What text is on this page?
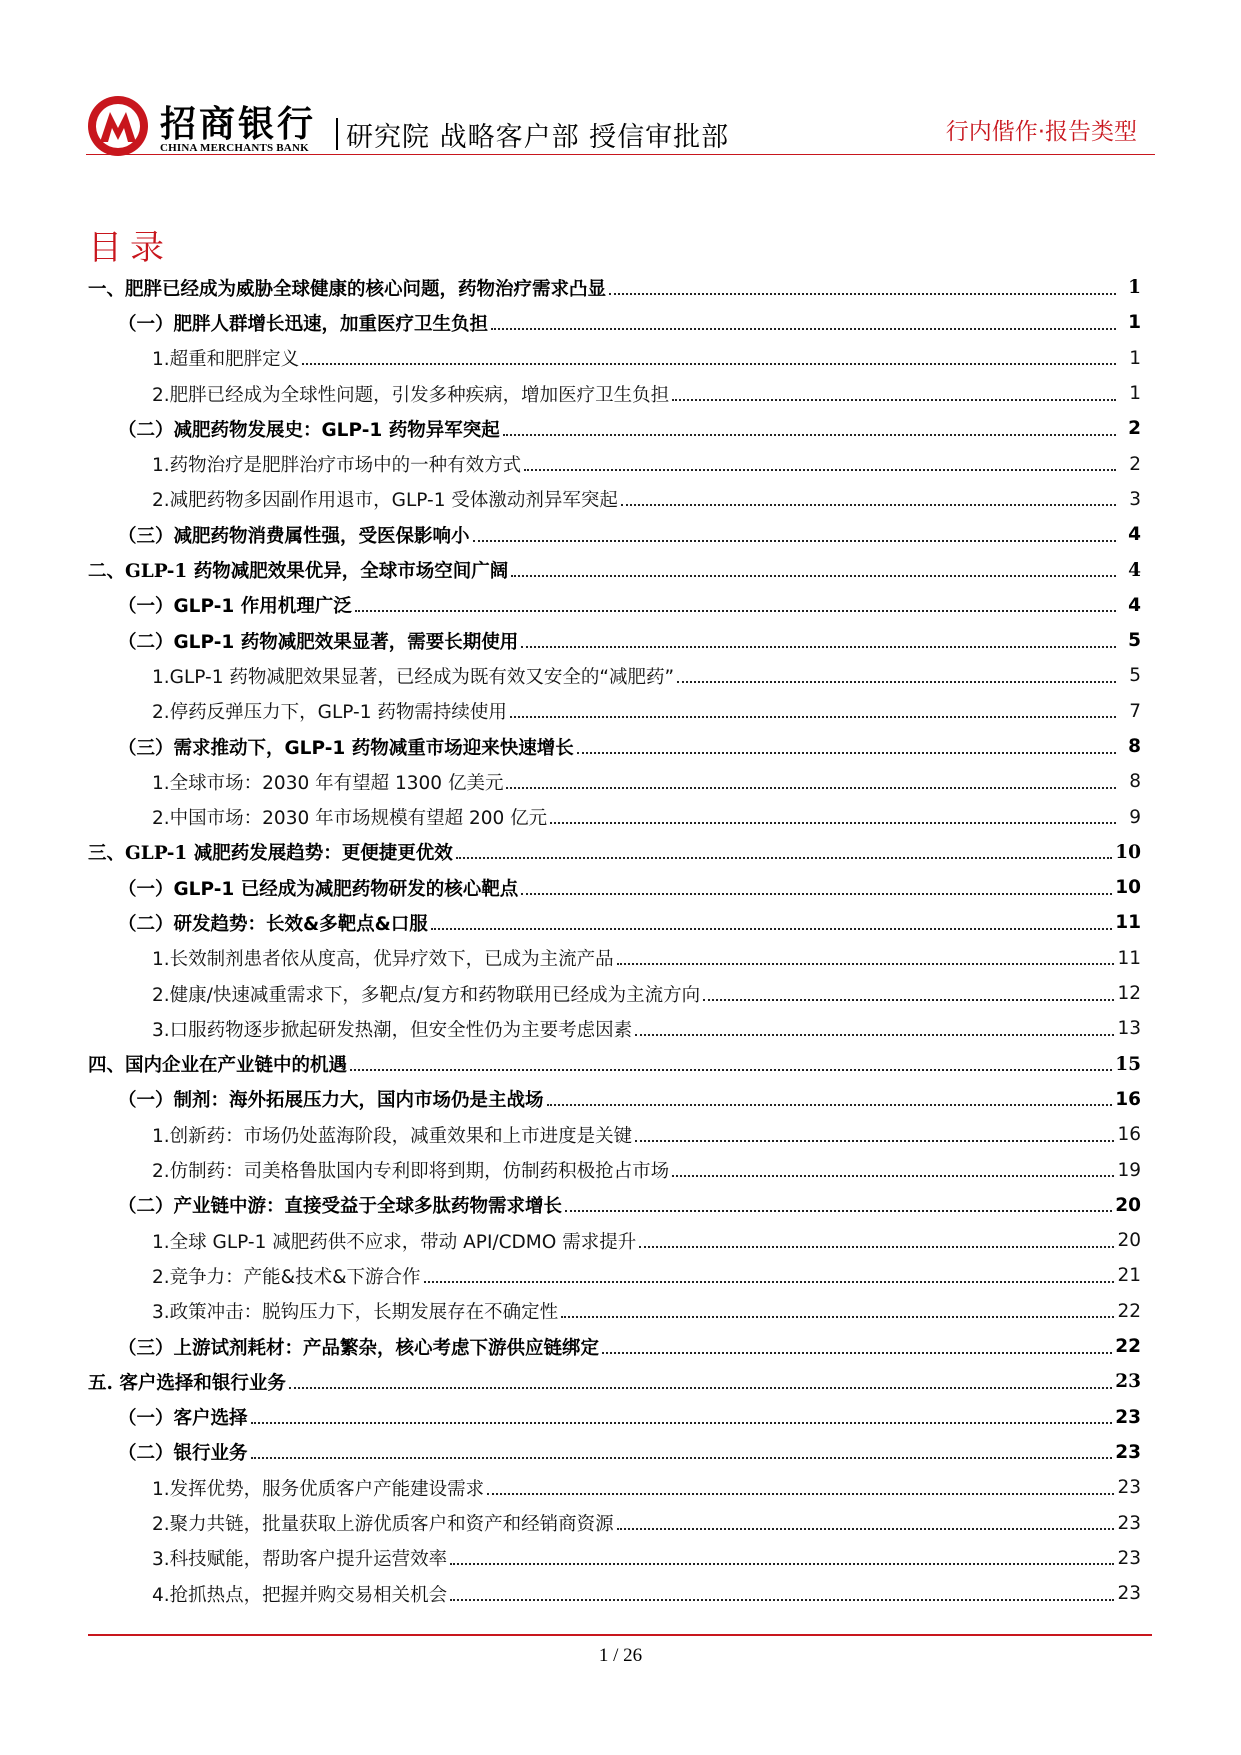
招商银行
CHINA MERCHANTS BANK 研究院 战略客户部 授信审批部	行内偕作·报告类型
目录
一、肥胖已经成为威胁全球健康的核心问题，药物治疗需求凸显	1
（一）肥胖人群增长迅速，加重医疗卫生负担	1
1.超重和肥胖定义	1
2.肥胖已经成为全球性问题，引发多种疾病，增加医疗卫生负担	1
（二）减肥药物发展史：GLP-1 药物异军突起	2
1.药物治疗是肥胖治疗市场中的一种有效方式	2
2.减肥药物多因副作用退市，GLP-1 受体激动剂异军突起	3
（三）减肥药物消费属性强，受医保影响小	4
二、GLP-1 药物减肥效果优异，全球市场空间广阔	4
（一）GLP-1 作用机理广泛	4
（二）GLP-1 药物减肥效果显著，需要长期使用	5
1.GLP-1 药物减肥效果显著，已经成为既有效又安全的“减肥药”	5
2.停药反弹压力下，GLP-1 药物需持续使用	7
（三）需求推动下，GLP-1 药物减重市场迎来快速增长	8
1.全球市场：2030 年有望超 1300 亿美元	8
2.中国市场：2030 年市场规模有望超 200 亿元	9
三、GLP-1 减肥药发展趋势：更便捷更优效	10
（一）GLP-1 已经成为减肥药物研发的核心靶点	10
（二）研发趋势：长效&多靶点&口服	11
1.长效制剂患者依从度高，优异疗效下，已成为主流产品	11
2.健康/快速减重需求下，多靶点/复方和药物联用已经成为主流方向	12
3.口服药物逐步掀起研发热潮，但安全性仍为主要考虑因素	13
四、国内企业在产业链中的机遇	15
（一）制剂：海外拓展压力大，国内市场仍是主战场	16
1.创新药：市场仍处蓝海阶段，减重效果和上市进度是关键	16
2.仿制药：司美格鲁肽国内专利即将到期，仿制药积极抢占市场	19
（二）产业链中游：直接受益于全球多肽药物需求增长	20
1.全球 GLP-1 减肥药供不应求，带动 API/CDMO 需求提升	20
2.竞争力：产能&技术&下游合作	21
3.政策冲击：脱钩压力下，长期发展存在不确定性	22
（三）上游试剂耗材：产品繁杂，核心考虑下游供应链绑定	22
五. 客户选择和银行业务	23
（一）客户选择	23
（二）银行业务	23
1.发挥优势，服务优质客户产能建设需求	23
2.聚力共链，批量获取上游优质客户和资产和经销商资源	23
3.科技赋能，帮助客户提升运营效率	23
4.抢抓热点，把握并购交易相关机会	23
1 / 26
